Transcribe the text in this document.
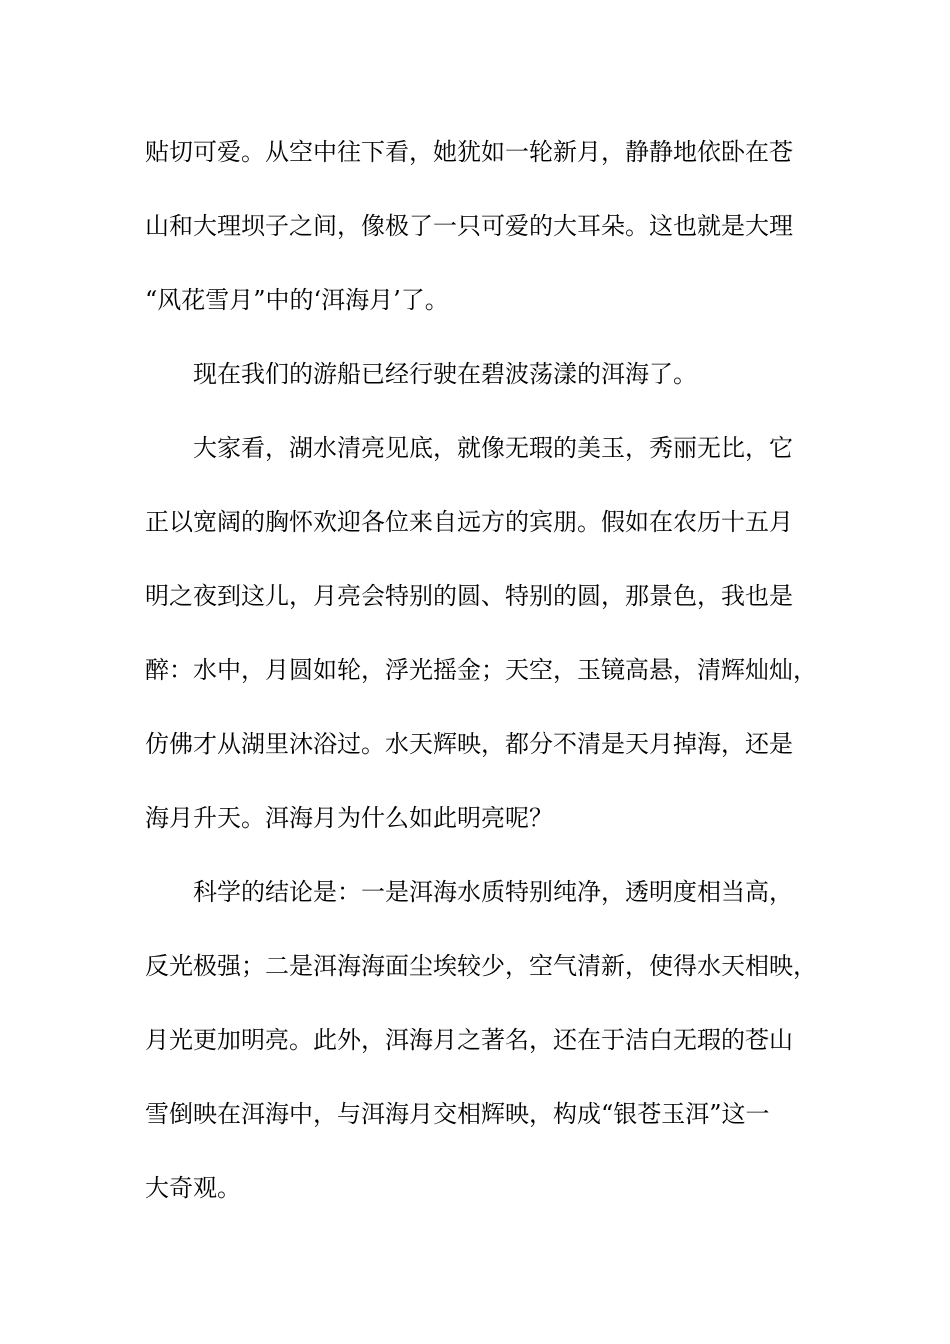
贴切可爱。从空中往下看，她犹如一轮新月，静静地依卧在苍
山和大理坝子之间，像极了一只可爱的大耳朵。这也就是大理
“风花雪月”中的‘洱海月’了。
现在我们的游船已经行驶在碧波荡漾的洱海了。
大家看，湖水清亮见底，就像无瑕的美玉，秀丽无比，它
正以宽阔的胸怀欢迎各位来自远方的宾朋。假如在农历十五月
明之夜到这儿，月亮会特别的圆、特别的圆，那景色，我也是
醉：水中，月圆如轮，浮光摇金；天空，玉镜高悬，清辉灿灿，
仿佛才从湖里沐浴过。水天辉映，都分不清是天月掉海，还是
海月升天。洱海月为什么如此明亮呢？
科学的结论是：一是洱海水质特别纯净，透明度相当高，
反光极强；二是洱海海面尘埃较少，空气清新，使得水天相映，
月光更加明亮。此外，洱海月之著名，还在于洁白无瑕的苍山
雪倒映在洱海中，与洱海月交相辉映，构成“银苍玉洱”这一
大奇观。
